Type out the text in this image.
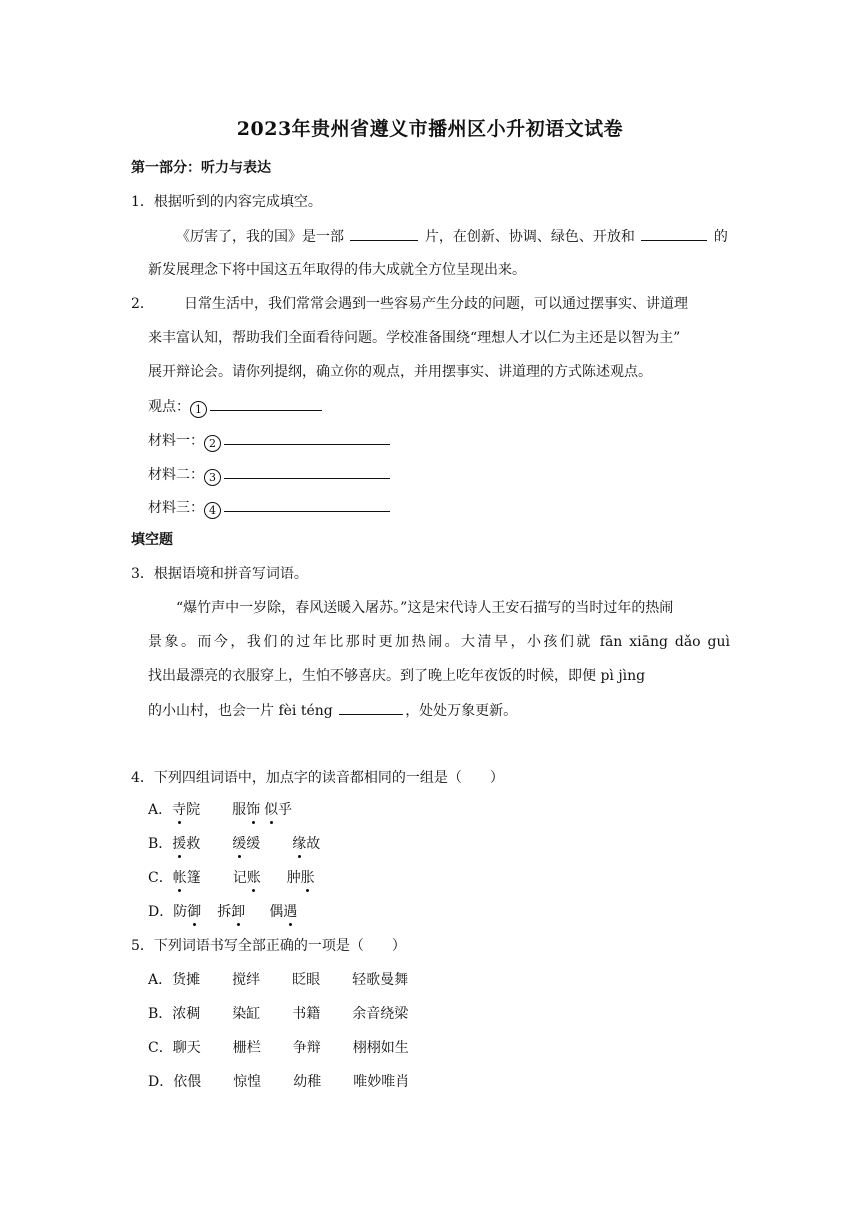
2023年贵州省遵义市播州区小升初语文试卷
第一部分：听力与表达
1．根据听到的内容完成填空。
《厉害了，我的国》是一部	片，在创新、协调、绿色、开放和	的
新发展理念下将中国这五年取得的伟大成就全方位呈现出来。
2． 日常生活中，我们常常会遇到一些容易产生分歧的问题，可以通过摆事实、讲道理
来丰富认知，帮助我们全面看待问题。学校准备围绕“理想人才以仁为主还是以智为主”
展开辩论会。请你列提纲，确立你的观点，并用摆事实、讲道理的方式陈述观点。
观点： 1
材料一： 2
材料二： 3
材料三： 4
填空题
3．根据语境和拼音写词语。
“爆竹声中一岁除，春风送暖入屠苏。”这是宋代诗人王安石描写的当时过年的热闹
景象。而今，我们的过年比那时更加热闹。大清早，小孩们就 fān xiāng dǎo guì
找出最漂亮的衣服穿上，生怕不够喜庆。到了晚上吃年夜饭的时候，即便 pì jìng
的小山村，也会一片 fèi téng	，处处万象更新。
4．下列四组词语中，加点字的读音都相同的一组是（　　）
A．寺院 服饰 似乎
B．援救 缓缓 缘故
C．帐篷 记账 肿胀
D．防御 拆卸 偶遇
5．下列词语书写全部正确的一项是（　　）
A．货摊 搅绊 眨眼 轻歌曼舞
B．浓稠 染缸 书籍 余音绕梁
C．聊天 栅栏 争辩 栩栩如生
D．依偎 惊惶 幼稚 唯妙唯肖
